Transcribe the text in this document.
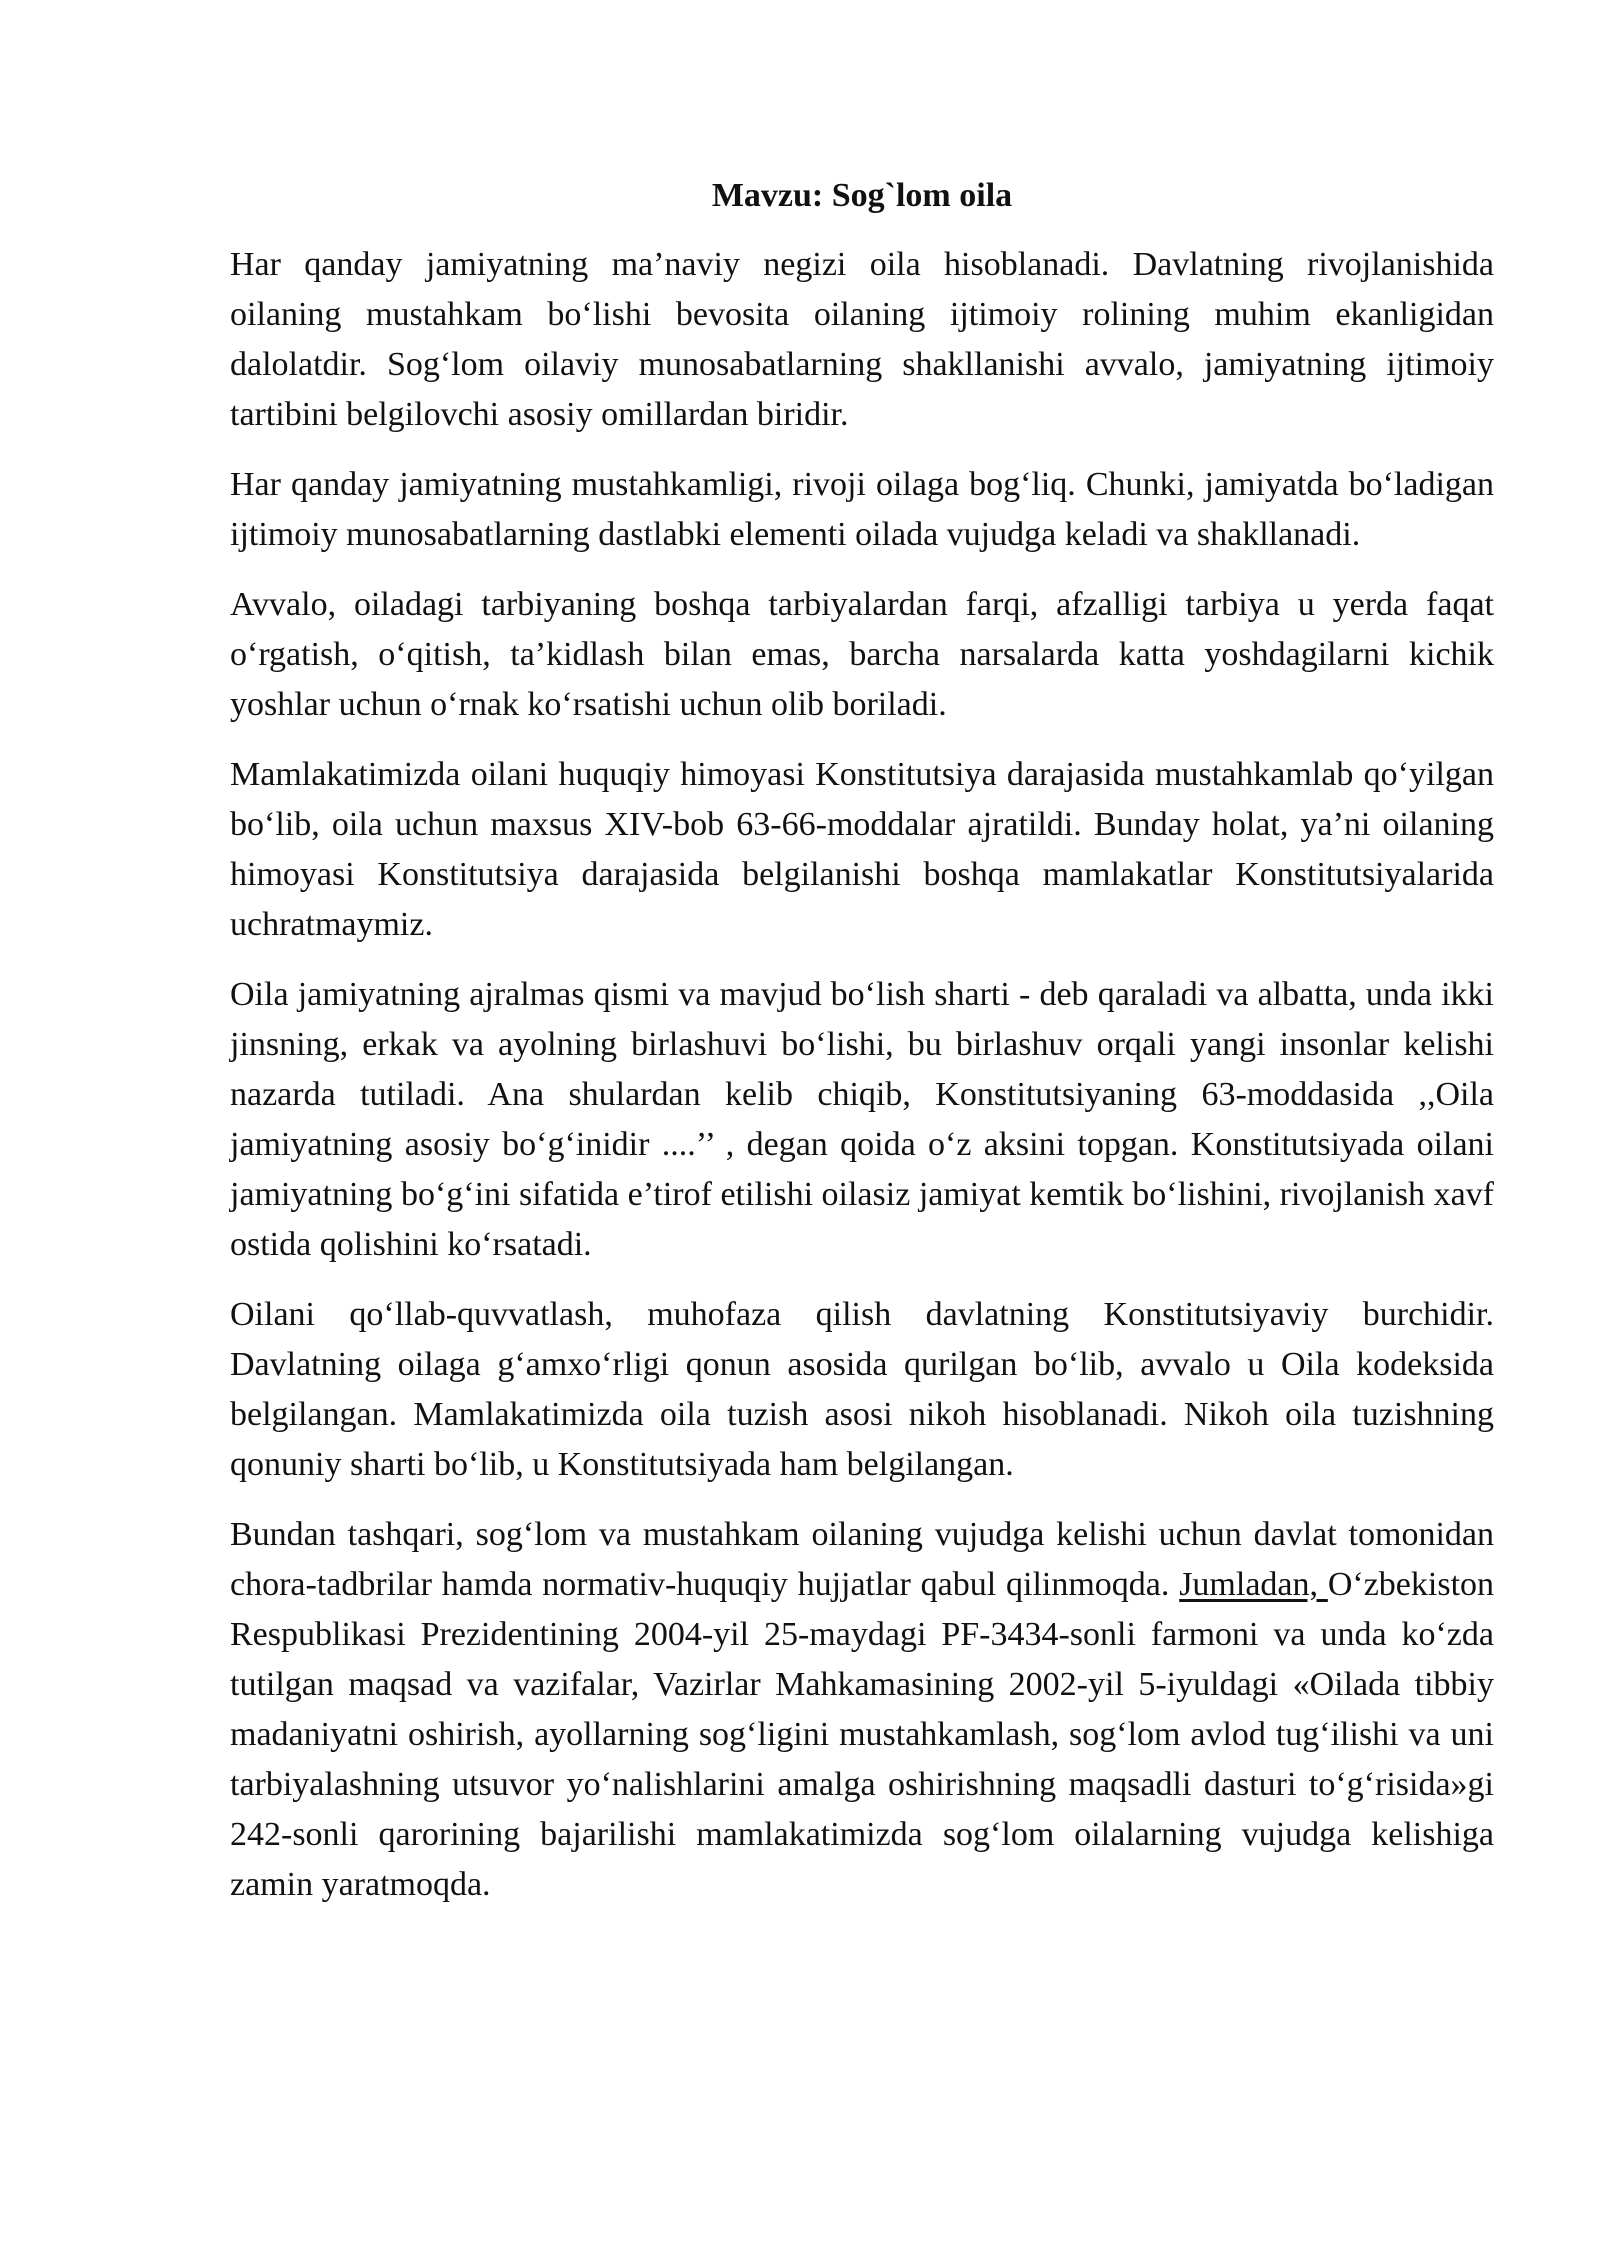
Mavzu: Sog`lom oila

Har qanday jamiyatning ma’naviy negizi oila hisoblanadi. Davlatning rivojlanishida oilaning mustahkam bo‘lishi bevosita oilaning ijtimoiy rolining muhim ekanligidan dalolatdir. Sog‘lom oilaviy munosabatlarning shakllanishi avvalo, jamiyatning ijtimoiy tartibini belgilovchi asosiy omillardan biridir.

Har qanday jamiyatning mustahkamligi, rivoji oilaga bog‘liq. Chunki, jamiyatda bo‘ladigan ijtimoiy munosabatlarning dastlabki elementi oilada vujudga keladi va shakllanadi.

Avvalo, oiladagi tarbiyaning boshqa tarbiyalardan farqi, afzalligi tarbiya u yerda faqat o‘rgatish, o‘qitish, ta’kidlash bilan emas, barcha narsalarda katta yoshdagilarni kichik yoshlar uchun o‘rnak ko‘rsatishi uchun olib boriladi.

Mamlakatimizda oilani huquqiy himoyasi Konstitutsiya darajasida mustahkamlab qo‘yilgan bo‘lib, oila uchun maxsus XIV-bob 63-66-moddalar ajratildi. Bunday holat, ya’ni oilaning himoyasi Konstitutsiya darajasida belgilanishi boshqa mamlakatlar Konstitutsiyalarida uchratmaymiz.

Oila jamiyatning ajralmas qismi va mavjud bo‘lish sharti - deb qaraladi va albatta, unda ikki jinsning, erkak va ayolning birlashuvi bo‘lishi, bu birlashuv orqali yangi insonlar kelishi nazarda tutiladi. Ana shulardan kelib chiqib, Konstitutsiyaning 63-moddasida ,,Oila jamiyatning asosiy bo‘g‘inidir ....’’ , degan qoida o‘z aksini topgan. Konstitutsiyada oilani jamiyatning bo‘g‘ini sifatida e’tirof etilishi oilasiz jamiyat kemtik bo‘lishini, rivojlanish xavf ostida qolishini ko‘rsatadi.

Oilani qo‘llab-quvvatlash, muhofaza qilish davlatning Konstitutsiyaviy burchidir. Davlatning oilaga g‘amxo‘rligi qonun asosida qurilgan bo‘lib, avvalo u Oila kodeksida belgilangan. Mamlakatimizda oila tuzish asosi nikoh hisoblanadi. Nikoh oila tuzishning qonuniy sharti bo‘lib, u Konstitutsiyada ham belgilangan.

Bundan tashqari, sog‘lom va mustahkam oilaning vujudga kelishi uchun davlat tomonidan chora-tadbrilar hamda normativ-huquqiy hujjatlar qabul qilinmoqda. Jumladan, O‘zbekiston Respublikasi Prezidentining 2004-yil 25-maydagi PF-3434-sonli farmoni va unda ko‘zda tutilgan maqsad va vazifalar, Vazirlar Mahkamasining 2002-yil 5-iyuldagi «Oilada tibbiy madaniyatni oshirish, ayollarning sog‘ligini mustahkamlash, sog‘lom avlod tug‘ilishi va uni tarbiyalashning utsuvor yo‘nalishlarini amalga oshirishning maqsadli dasturi to‘g‘risida»gi 242-sonli qarorining bajarilishi mamlakatimizda sog‘lom oilalarning vujudga kelishiga zamin yaratmoqda.
